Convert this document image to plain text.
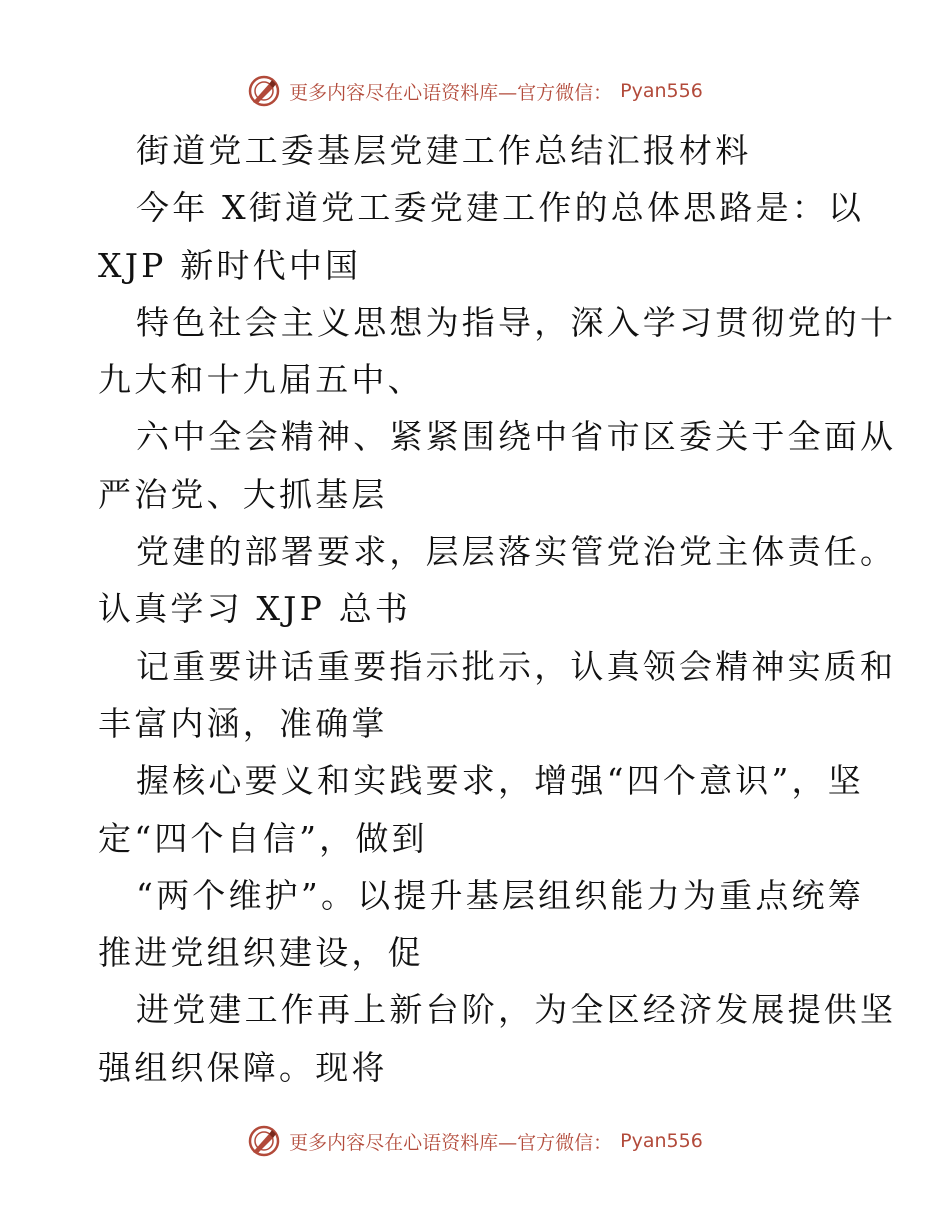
更多内容尽在心语资料库—官方微信： Pyan556
街道党工委基层党建工作总结汇报材料
今年 X街道党工委党建工作的总体思路是：以
XJP 新时代中国
特色社会主义思想为指导，深入学习贯彻党的十
九大和十九届五中、
六中全会精神、紧紧围绕中省市区委关于全面从
严治党、大抓基层
党建的部署要求，层层落实管党治党主体责任。
认真学习 XJP 总书
记重要讲话重要指示批示，认真领会精神实质和
丰富内涵，准确掌
握核心要义和实践要求，增强“四个意识”，坚
定“四个自信”，做到
“两个维护”。以提升基层组织能力为重点统筹
推进党组织建设，促
进党建工作再上新台阶，为全区经济发展提供坚
强组织保障。现将
更多内容尽在心语资料库—官方微信： Pyan556
